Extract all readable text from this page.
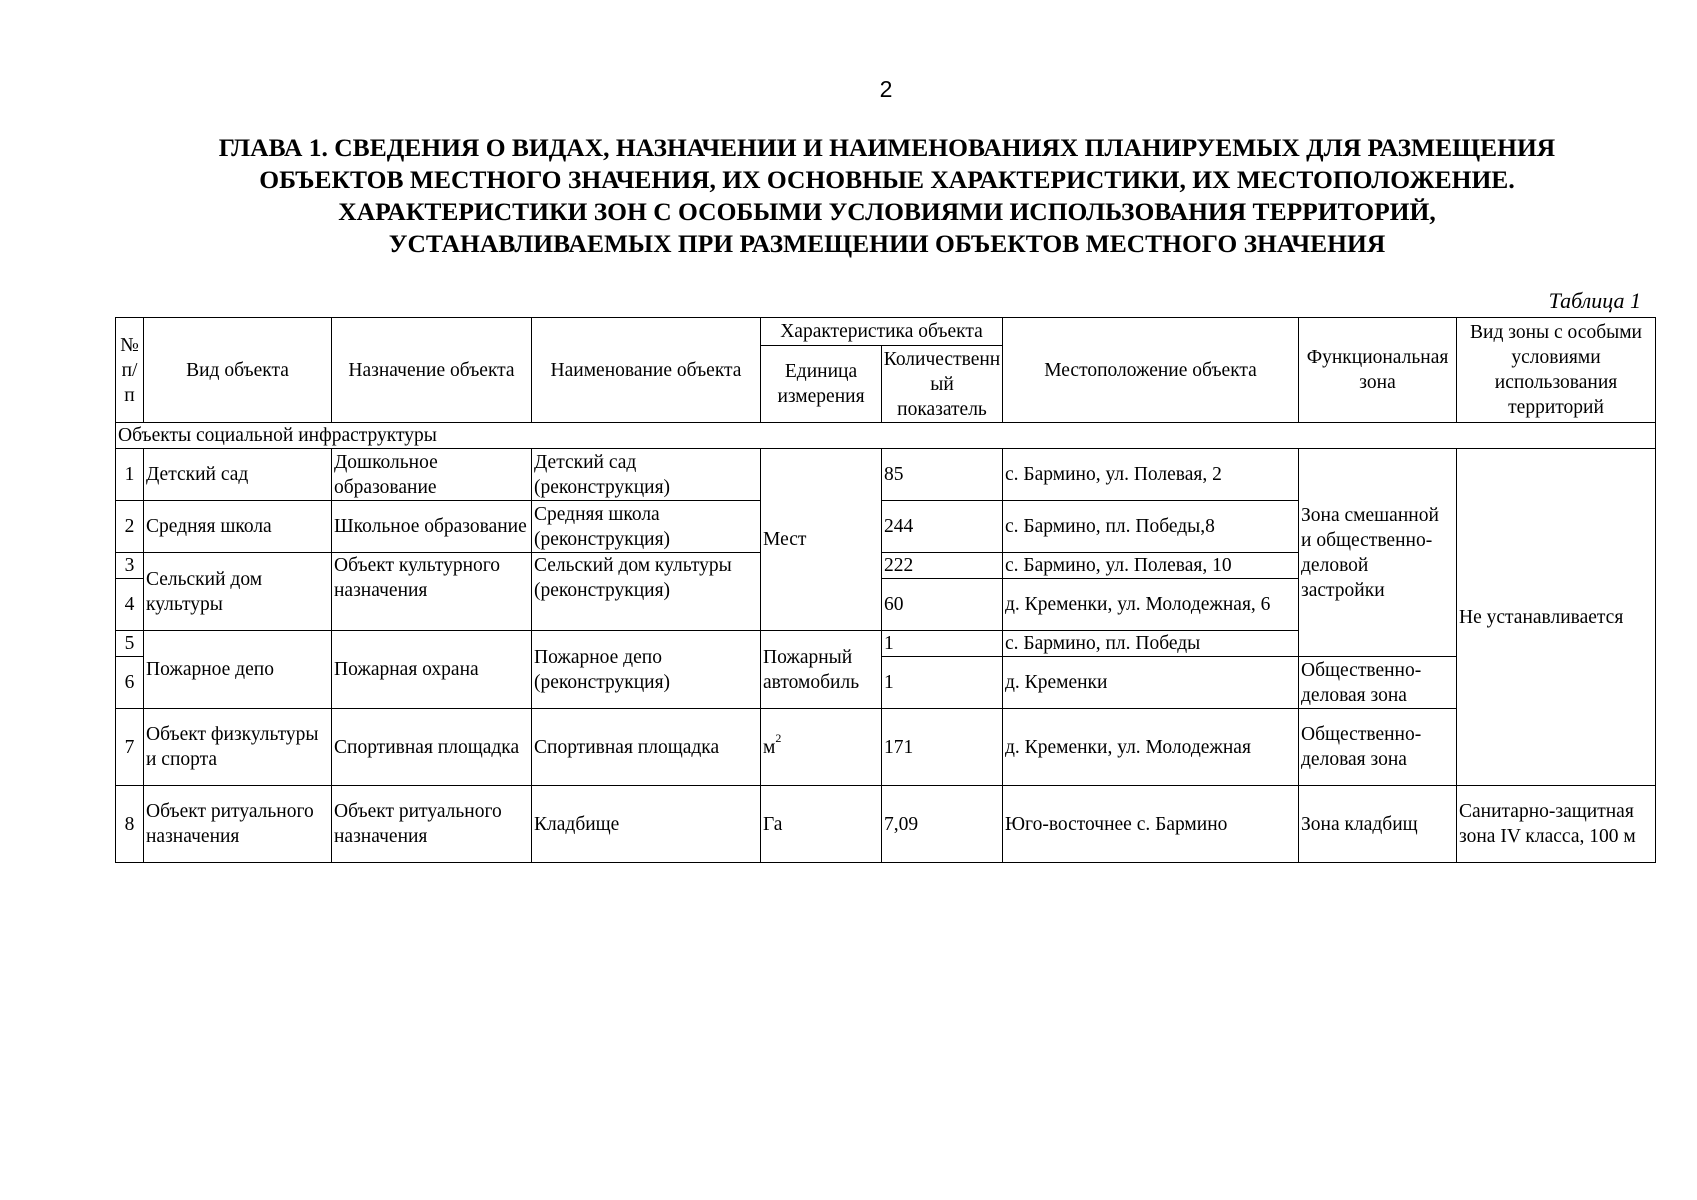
2
ГЛАВА 1. СВЕДЕНИЯ О ВИДАХ, НАЗНАЧЕНИИ И НАИМЕНОВАНИЯХ ПЛАНИРУЕМЫХ ДЛЯ РАЗМЕЩЕНИЯ ОБЪЕКТОВ МЕСТНОГО ЗНАЧЕНИЯ, ИХ ОСНОВНЫЕ ХАРАКТЕРИСТИКИ, ИХ МЕСТОПОЛОЖЕНИЕ. ХАРАКТЕРИСТИКИ ЗОН С ОСОБЫМИ УСЛОВИЯМИ ИСПОЛЬЗОВАНИЯ ТЕРРИТОРИЙ, УСТАНАВЛИВАЕМЫХ ПРИ РАЗМЕЩЕНИИ ОБЪЕКТОВ МЕСТНОГО ЗНАЧЕНИЯ
Таблица 1
№ п/п	Вид объекта	Назначение объекта	Наименование объекта	Характеристика объекта		Местоположение объекта	Функциональная зона	Вид зоны с особыми условиями использования территорий
				Единица измерения	Количественный показатель			
Объекты социальной инфраструктуры								
1	Детский сад	Дошкольное образование	Детский сад (реконструкция)	Мест	85	с. Бармино, ул. Полевая, 2	Зона смешанной и общественно-деловой застройки	Не устанавливается
2	Средняя школа	Школьное образование	Средняя школа (реконструкция)		244	с. Бармино, пл. Победы,8		
3	Сельский дом культуры	Объект культурного назначения	Сельский дом культуры (реконструкция)		222	с. Бармино, ул. Полевая, 10		
4					60	д. Кременки, ул. Молодежная, 6		
5	Пожарное депо	Пожарная охрана	Пожарное депо (реконструкция)	Пожарный автомобиль	1	с. Бармино, пл. Победы		
6					1	д. Кременки	Общественно-деловая зона	
7	Объект физкультуры и спорта	Спортивная площадка	Спортивная площадка	$м^2$	171	д. Кременки, ул. Молодежная	Общественно-деловая зона	
8	Объект ритуального назначения	Объект ритуального назначения	Кладбище	Га	7,09	Юго-восточнее с. Бармино	Зона кладбищ	Санитарно-защитная зона IV класса, 100 м
